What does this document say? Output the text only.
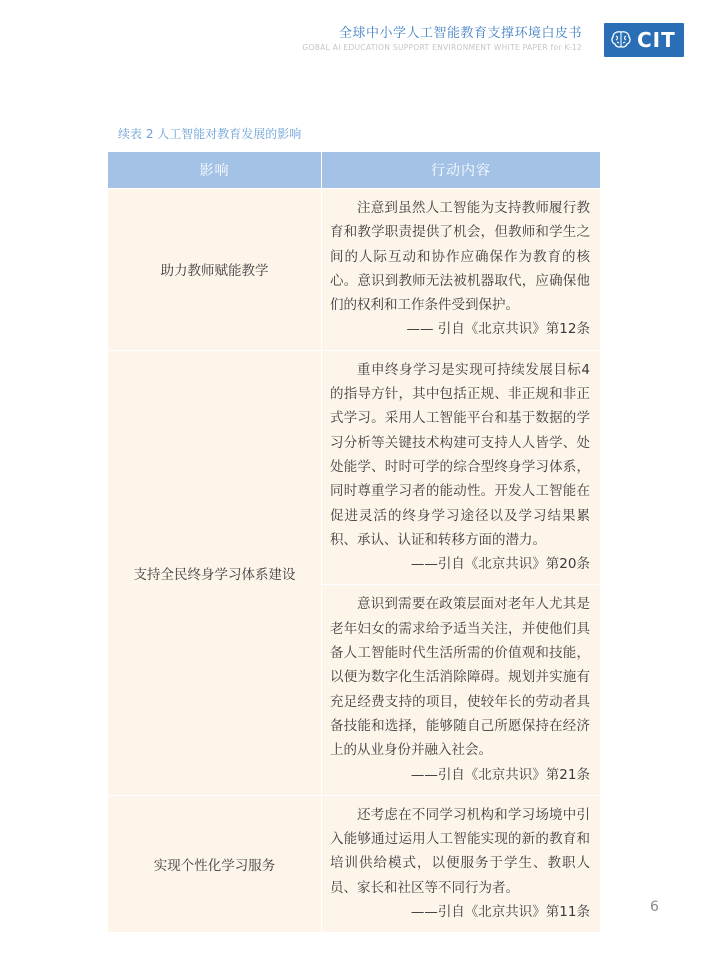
全球中小学人工智能教育支撑环境白皮书
GOBAL AI EDUCATION SUPPORT ENVIRONMENT WHITE PAPER for K-12	CIT
续表 2 人工智能对教育发展的影响
影响	行动内容
助力教师赋能教学	注意到虽然人工智能为支持教师履行教育和教学职责提供了机会，但教师和学生之间的人际互动和协作应确保作为教育的核心。意识到教师无法被机器取代，应确保他们的权利和工作条件受到保护。

—— 引自《北京共识》第12条

支持全民终身学习体系建设	重申终身学习是实现可持续发展目标4的指导方针，其中包括正规、非正规和非正式学习。采用人工智能平台和基于数据的学习分析等关键技术构建可支持人人皆学、处处能学、时时可学的综合型终身学习体系，同时尊重学习者的能动性。开发人工智能在促进灵活的终身学习途径以及学习结果累积、承认、认证和转移方面的潜力。

——引自《北京共识》第20条

	意识到需要在政策层面对老年人尤其是老年妇女的需求给予适当关注，并使他们具备人工智能时代生活所需的价值观和技能，以便为数字化生活消除障碍。规划并实施有充足经费支持的项目，使较年长的劳动者具备技能和选择，能够随自己所愿保持在经济上的从业身份并融入社会。

——引自《北京共识》第21条

实现个性化学习服务	还考虑在不同学习机构和学习场境中引入能够通过运用人工智能实现的新的教育和培训供给模式，以便服务于学生、教职人员、家长和社区等不同行为者。

——引自《北京共识》第11条	6
